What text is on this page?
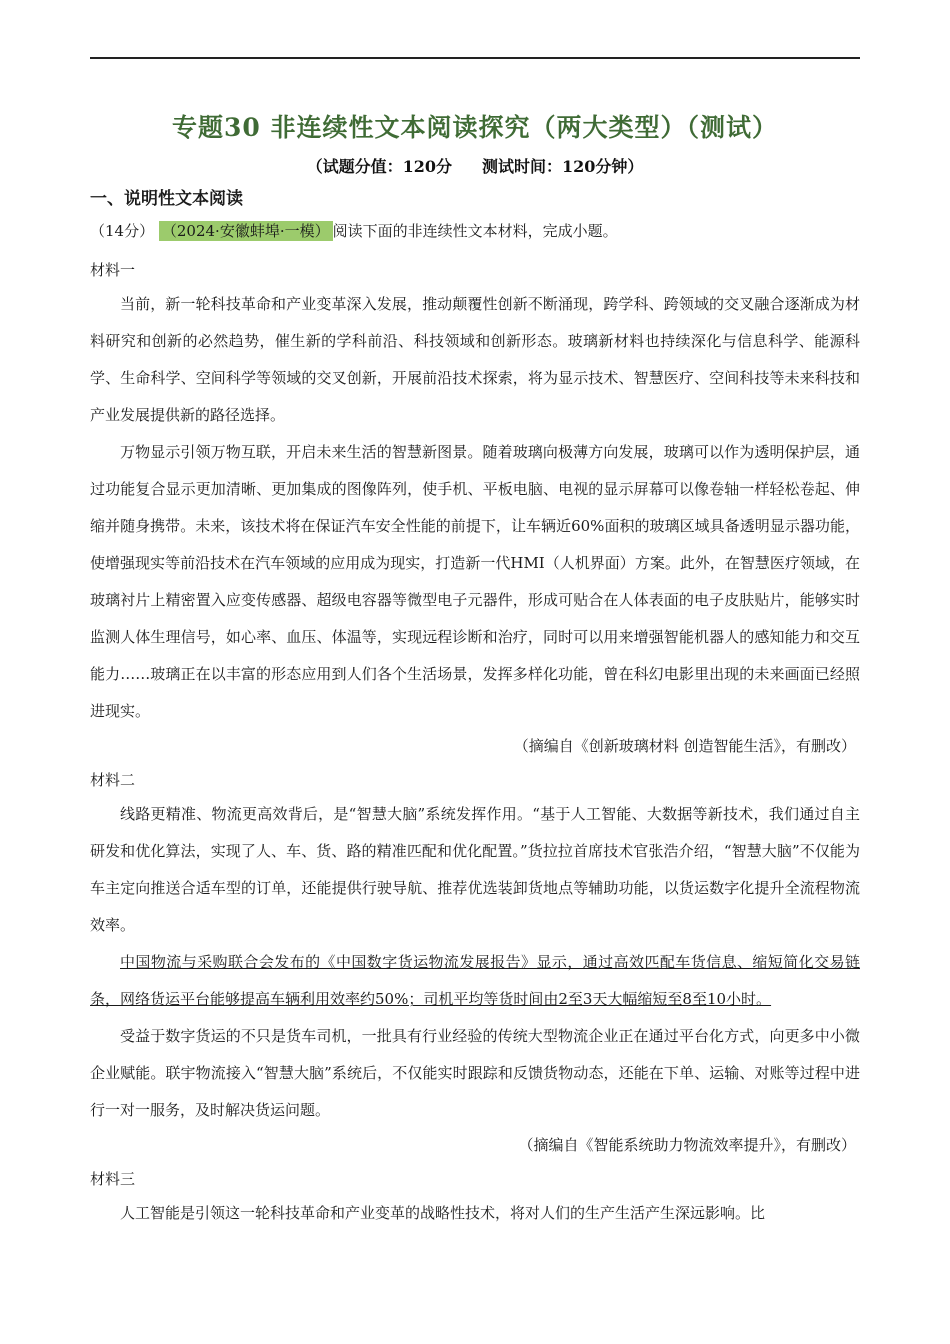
专题30 非连续性文本阅读探究（两大类型）（测试）
（试题分值：120分 测试时间：120分钟）
一、说明性文本阅读
（14分） （2024·安徽蚌埠·一模） 阅读下面的非连续性文本材料，完成小题。
材料一

当前，新一轮科技革命和产业变革深入发展，推动颠覆性创新不断涌现，跨学科、跨领域的交叉融合逐渐成为材料研究和创新的必然趋势，催生新的学科前沿、科技领域和创新形态。玻璃新材料也持续深化与信息科学、能源科学、生命科学、空间科学等领域的交叉创新，开展前沿技术探索，将为显示技术、智慧医疗、空间科技等未来科技和产业发展提供新的路径选择。

万物显示引领万物互联，开启未来生活的智慧新图景。随着玻璃向极薄方向发展，玻璃可以作为透明保护层，通过功能复合显示更加清晰、更加集成的图像阵列，使手机、平板电脑、电视的显示屏幕可以像卷轴一样轻松卷起、伸缩并随身携带。未来，该技术将在保证汽车安全性能的前提下，让车辆近60%面积的玻璃区域具备透明显示器功能，使增强现实等前沿技术在汽车领域的应用成为现实，打造新一代HMI（人机界面）方案。此外，在智慧医疗领域，在玻璃衬片上精密置入应变传感器、超级电容器等微型电子元器件，形成可贴合在人体表面的电子皮肤贴片，能够实时监测人体生理信号，如心率、血压、体温等，实现远程诊断和治疗，同时可以用来增强智能机器人的感知能力和交互能力……玻璃正在以丰富的形态应用到人们各个生活场景，发挥多样化功能，曾在科幻电影里出现的未来画面已经照进现实。

（摘编自《创新玻璃材料 创造智能生活》，有删改）

材料二

线路更精准、物流更高效背后，是“智慧大脑”系统发挥作用。“基于人工智能、大数据等新技术，我们通过自主研发和优化算法，实现了人、车、货、路的精准匹配和优化配置。”货拉拉首席技术官张浩介绍，“智慧大脑”不仅能为车主定向推送合适车型的订单，还能提供行驶导航、推荐优选装卸货地点等辅助功能，以货运数字化提升全流程物流效率。

中国物流与采购联合会发布的《中国数字货运物流发展报告》显示，通过高效匹配车货信息、缩短简化交易链条，网络货运平台能够提高车辆利用效率约50%；司机平均等货时间由2至3天大幅缩短至8至10小时。

受益于数字货运的不只是货车司机，一批具有行业经验的传统大型物流企业正在通过平台化方式，向更多中小微企业赋能。联宇物流接入“智慧大脑”系统后，不仅能实时跟踪和反馈货物动态，还能在下单、运输、对账等过程中进行一对一服务，及时解决货运问题。

（摘编自《智能系统助力物流效率提升》，有删改）

材料三

人工智能是引领这一轮科技革命和产业变革的战略性技术，将对人们的生产生活产生深远影响。比
